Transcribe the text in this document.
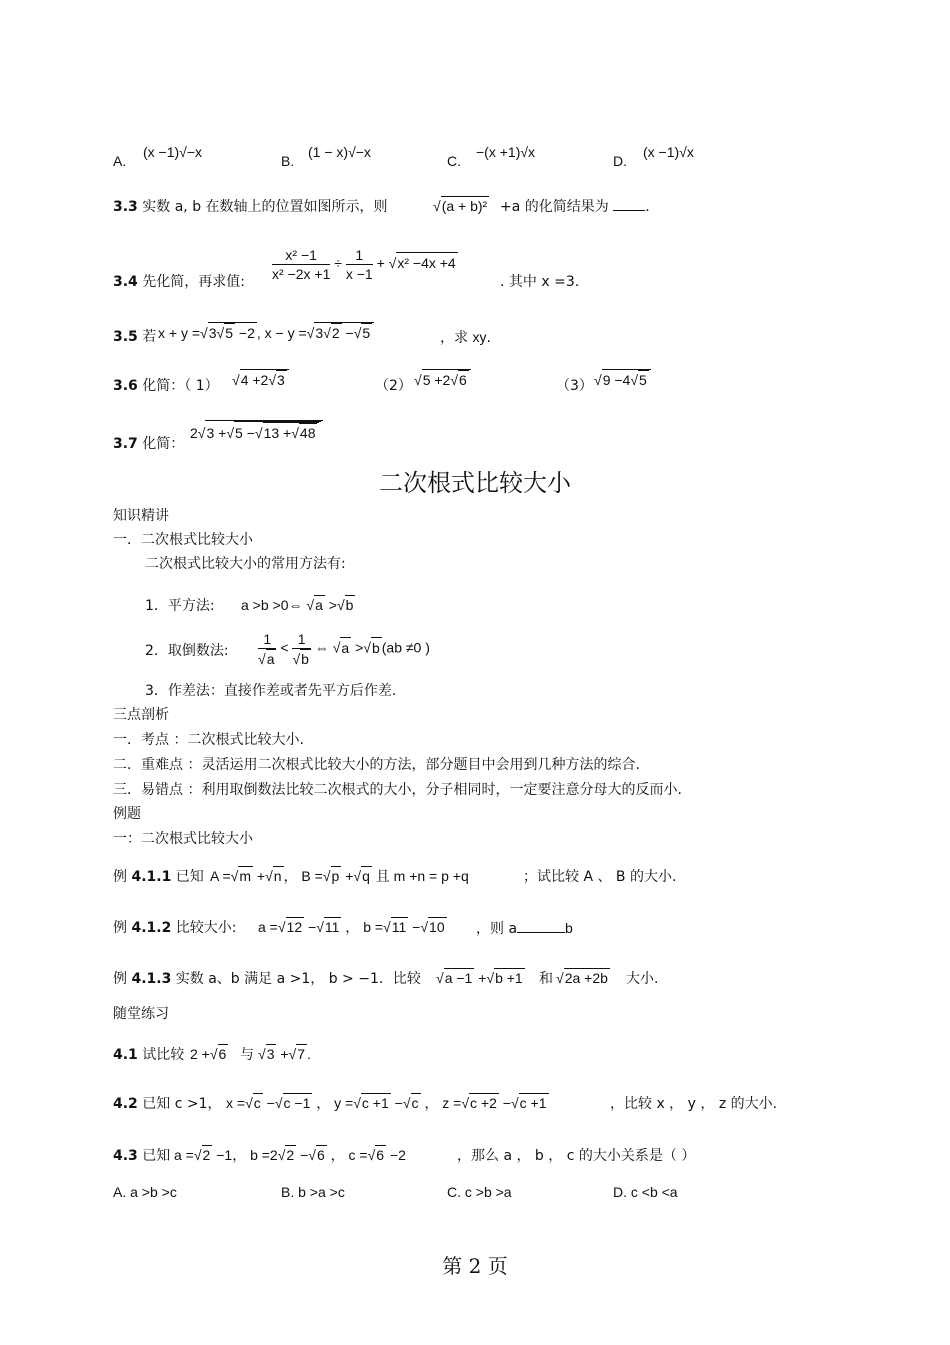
A.
(x −1)√−x
B.
(1 − x)√−x
C.
−(x +1)√x
D.
(x −1)√x
3.3 实数 a, b 在数轴上的位置如图所示，则	√(a + b)² +a 的化简结果为	.
3.4 先化简，再求值: $\frac{\text{x² −1}}{\text{x² −2x +1}} \div \frac{1}{x -1} + √x^2 -4x +4$
. 其中 x =3.
3.5 若 x + y =√3√5 −2 , x − y =√3√2 −√5	，求 xy.
3.6 化简：（ 1） √4 +2√3	（2） √5 +2√6	（3） √9 −4√5
3.7 化简：
2√3 +√5 −√13 +√48
二次根式比较大小
知识精讲
一．二次根式比较大小
二次根式比较大小的常用方法有:
1．平方法: a >b >0⇔ √a >√b
2．取倒数法: $\frac{1}{√a} < \frac{1}{√b}$ ⇔ √a >√b (ab ≠0 )
3．作差法：直接作差或者先平方后作差.
三点剖析
一．考点 ：二次根式比较大小.
二．重难点 ：灵活运用二次根式比较大小的方法，部分题目中会用到几种方法的综合.
三．易错点 ：利用取倒数法比较二次根式的大小，分子相同时，一定要注意分母大的反而小.
例题
一：二次根式比较大小
例 4.1.1 已知 A =√m +√n ， B =√p +√q 且 m +n = p +q	；试比较 A 、 B 的大小.
例 4.1.2 比较大小: a =√12 −√11 ， b =√11 −√10 ，则 a	b
例 4.1.3 实数 a、b 满足 a >1， b > −1．比较 √a −1 +√b +1 和 √2a +2b 大小.
随堂练习
4.1 试比较 2 +√6 与 √3 +√7 .
4.2 已知 c >1， x =√c −√c −1 ， y =√c +1 −√c ， z =√c +2 −√c +1	，比较 x ， y ， z 的大小.
4.3 已知 a =√2 −1， b =2√2 −√6 ， c =√6 −2	，那么 a ， b ， c 的大小关系是（ ）
A. a >b >c	B. b >a >c	C. c >b >a	D. c <b <a
第 2 页
